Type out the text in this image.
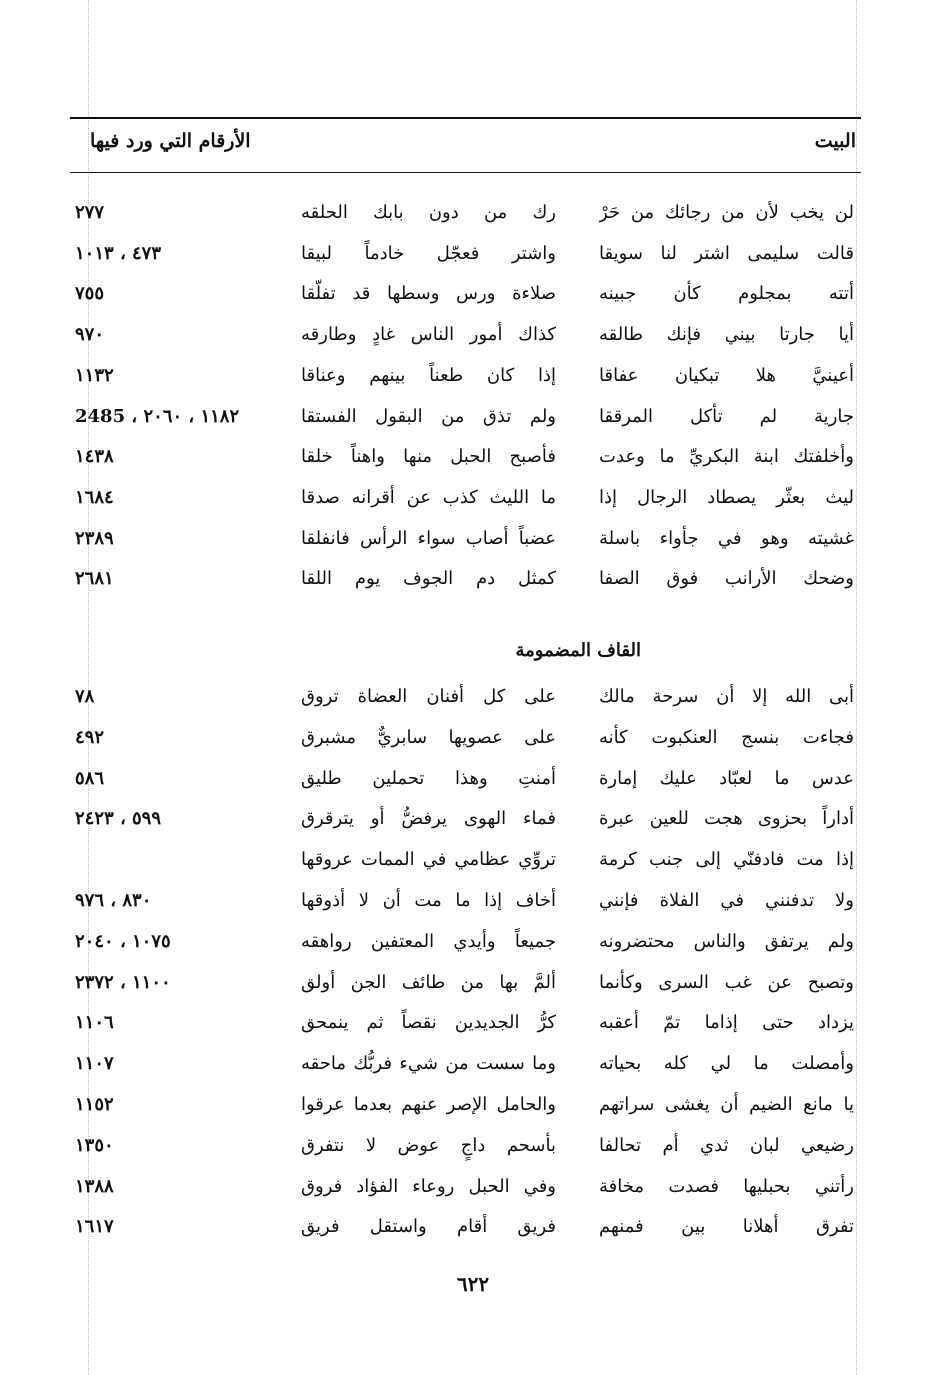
البيت
الأرقام التي ورد فيها
لن يخب لأن من رجائك من حَرْ
رك من دون بابك الحلقه
٢٧٧
قالت سليمى اشتر لنا سويقا
واشتر فعجّل خادماً لبيقا
٤٧٣ ، ١٠١٣
أتته بمجلوم كأن جبينه
صلاءة ورس وسطها قد تفلّقا
٧٥٥
أيا جارتا بيني فإنك طالقه
كذاك أمور الناس غادٍ وطارقه
٩٧٠
أعينيَّ هلا تبكيان عفاقا
إذا كان طعناً بينهم وعناقا
١١٣٢
جارية لم تأكل المرققا
ولم تذق من البقول الفستقا
١١٨٢ ، ٢٠٦٠ ، 2485
وأخلفتك ابنة البكريِّ ما وعدت
فأصبح الحبل منها واهناً خلقا
١٤٣٨
ليث بعثّر يصطاد الرجال إذا
ما الليث كذب عن أقرانه صدقا
١٦٨٤
غشيته وهو في جأواء باسلة
عضباً أصاب سواء الرأس فانفلقا
٢٣٨٩
وضحك الأرانب فوق الصفا
كمثل دم الجوف يوم اللقا
٢٦٨١
القاف المضمومة
أبى الله إلا أن سرحة مالك
على كل أفنان العضاة تروق
٧٨
فجاءت بنسج العنكبوت كأنه
على عصويها سابريٌّ مشبرق
٤٩٢
عدس ما لعبّاد عليك إمارة
أمنتِ وهذا تحملين طليق
٥٨٦
أداراً بحزوى هجت للعين عبرة
فماء الهوى يرفضُّ أو يترقرق
٥٩٩ ، ٢٤٢٣
إذا مت فادفنّي إلى جنب كرمة
تروِّي عظامي في الممات عروقها
ولا تدفنني في الفلاة فإنني
أخاف إذا ما مت أن لا أذوقها
٨٣٠ ، ٩٧٦
ولم يرتفق والناس محتضرونه
جميعاً وأيدي المعتفين رواهقه
١٠٧٥ ، ٢٠٤٠
وتصبح عن غب السرى وكأنما
ألمَّ بها من طائف الجن أولق
١١٠٠ ، ٢٣٧٢
يزداد حتى إذاما تمّ أعقبه
كرُّ الجديدين نقصاً ثم ينمحق
١١٠٦
وأمصلت ما لي كله بحياته
وما سست من شيء فربُّك ماحقه
١١٠٧
يا مانع الضيم أن يغشى سراتهم
والحامل الإصر عنهم بعدما عرقوا
١١٥٢
رضيعي لبان ثدي أم تحالفا
بأسحم داجٍ عوض لا نتفرق
١٣٥٠
رأتني بحبليها فصدت مخافة
وفي الحبل روعاء الفؤاد فروق
١٣٨٨
تفرق أهلانا بين فمنهم
فريق أقام واستقل فريق
١٦١٧
٦٢٢
